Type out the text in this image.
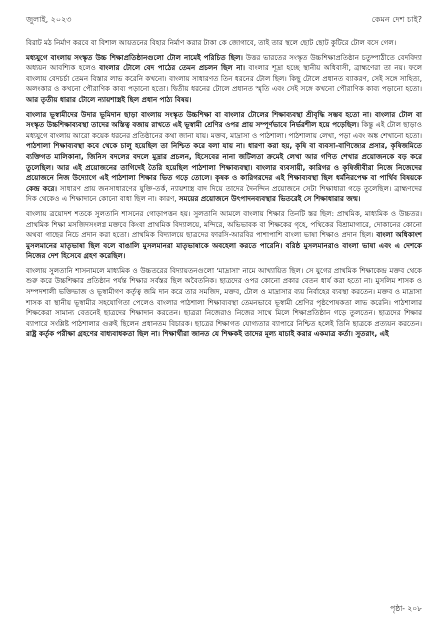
জুলাই, ২০২৩	কেমন দেশ চাই?

বিরাট মঠ নির্মাণ করবে বা বিশাল আয়তনের বিহার নির্মাণ করার টাকা কে জোগাবে, তাই তার স্থলে ছোট ছোট কুটিরে টোল বসে গেল।

মধ্যযুগে বাংলায় সংস্কৃত উচ্চ শিক্ষাপ্রতিষ্ঠানগুলো টোল নামেই পরিচিত ছিল। উত্তর ভারতের সংস্কৃত উচ্চশিক্ষাপ্রতিষ্ঠান চতুষ্পাঠীতে বেদবিদ্যা অধ্যয়ন আবশ্যিক হলেও বাংলার টোলে বেদ পাঠের তেমন প্রচলন ছিল না। বাংলার শূদ্রা হচ্ছে স্থানীয় অধিবাসী, ব্রাহ্মণেরা তা নয়। ফলে বাংলায় বেদচর্চা তেমন বিস্তার লাভ করেনি কখনো। বাংলায় সাধারণত তিন ধরনের টোল ছিল। কিছু টোলে প্রধানত ব্যাকরণ, সেই সঙ্গে সাহিত্য, অলংকার ও কখনো পৌরাণিক কাব্য পড়ানো হতো। দ্বিতীয় ধরনের টোলে প্রধানত স্মৃতি এবং সেই সঙ্গে কখনো পৌরাণিক কাব্য পড়ানো হতো। আর তৃতীয় ধারার টোলে ন্যায়শাস্ত্রই ছিল প্রধান পাঠ্য বিষয়।

বাংলার ভূস্বামীদের উদার ভূমিদান ছাড়া বাংলায় সংস্কৃত উচ্চশিক্ষা বা বাংলার টোলের শিক্ষাব্যবস্থা শ্রীবৃদ্ধি সম্ভব হতো না। বাংলার টোল বা সংস্কৃত উচ্চশিক্ষাব্যবস্থা তাদের অস্তিত্ব বজায় রাখতে এই ভূস্বামী শ্রেণির ওপর প্রায় সম্পূর্ণভাবে নির্ভরশীল হয়ে পড়েছিল। কিন্তু এই টোল ছাড়াও মধ্যযুগে বাংলায় আরো কয়েক ধরনের প্রতিষ্ঠানের কথা জানা যায়। মক্তব, মাদ্রাসা ও পাঠশালা। পাঠশালায় লেখা, পড়া এবং অঙ্ক শেখানো হতো। পাঠশালা শিক্ষাব্যবস্থা কবে থেকে চালু হয়েছিল তা নিশ্চিত করে বলা যায় না। ধারণা করা হয়, কৃষি বা ব্যবসা-বাণিজ্যের প্রসার, কৃষিজমিতে ব্যক্তিগত মালিকানা, জিনিস বদলের বদলে মুদ্রার প্রচলন, হিসেবের নানা জটিলতা ক্রমেই লেখা আর গণিত শেখার প্রয়োজনকে বড় করে তুলেছিল। আর এই প্রয়োজনের তাগিদেই তৈরি হয়েছিল পাঠশালা শিক্ষাব্যবস্থা। বাংলার ব্যবসায়ী, কারিগর ও কৃষিজীবীরা নিজে নিজেদের প্রয়োজনে নিজ উদ্যোগে এই পাঠশালা শিক্ষার ভিত গড়ে তোলে। কৃষক ও কারিগরদের এই শিক্ষাব্যবস্থা ছিল ধর্মনিরপেক্ষ বা পার্থিব বিষয়কে কেন্দ্র করে। সাধারণ প্রায় জনসাধারণের যুক্তি-তর্ক, ন্যায়শাস্ত্র বাদ দিয়ে তাদের দৈনন্দিন প্রয়োজনে সেটা শিক্ষাধারা গড়ে তুলেছিল। ব্রাহ্মণদের দিক থেকেও এ শিক্ষাদানে কোনো বাধা ছিল না। কারণ, সময়ের প্রয়োজনে উৎপাদনব্যবস্থার ভিতরেই সে শিক্ষাধারার জন্ম।

বাংলায় ত্রয়োদশ শতকে সুলতানি শাসনের গোড়াপত্তন হয়। সুলতানি আমলে বাংলায় শিক্ষার তিনটি স্তর ছিল: প্রাথমিক, মাধ্যমিক ও উচ্চতর। প্রাথমিক শিক্ষা মসজিদসংলগ্ন মক্তবে কিংবা প্রাথমিক বিদ্যালয়ে, মন্দিরে, অভিভাবক বা শিক্ষকের গৃহে, পথিকের বিশ্রামাগারে, দোকানের কোনো অথবা গাছের নিচে প্রদান করা হতো। প্রাথমিক বিদ্যালয়ে ছাত্রদের ফারসি-আরবির পাশাপাশি বাংলা ভাষা শিক্ষাও প্রদান ছিল। বাংলা অধিকাংশ মুসলমানের মাতৃভাষা ছিল বলে বাঙালি মুসলমানরা মাতৃভাষাকে অবহেলা করতে পারেনি। বরিষ্ঠ মুসলমানরাও বাংলা ভাষা এবং এ দেশকে নিজের দেশ হিসেবে গ্রহণ করেছিল।

বাংলায় সুলতানি শাসনামলে মাধ্যমিক ও উচ্চতরের বিদ্যায়তনগুলো 'মাদ্রাসা' নামে আখ্যায়িত ছিল। সে যুগের প্রাথমিক শিক্ষাকেন্দ্র মক্তব থেকে শুরু করে উচ্চশিক্ষার প্রতিষ্ঠান পর্যন্ত শিক্ষার সর্বস্তর ছিল অবৈতনিক। ছাত্রদের ওপর কোনো প্রকার বেতন ধার্য করা হতো না। মুসলিম শাসক ও সম্পদশালী ভক্তিভাজ ও ভূস্বামীগণ কর্তৃত্ব জমি দান করে তার সমজিদ, মক্তব, টোল ও মাদ্রাসার ব্যয় নির্বাহের ব্যবস্থা করতেন। মক্তব ও মাদ্রাসা শাসক বা স্থানীয় ভূস্বামীর সহযোগিতা পেলেও বাংলার পাঠশালা শিক্ষাব্যবস্থা তেমনভাবে ভূস্বামী শ্রেণির পৃষ্ঠপোষকতা লাভ করেনি। পাঠশালার শিক্ষকেরা সামান্য বেতনেই ছাত্রদের শিক্ষাদান করতেন। ছাত্ররা নিজেরাও নিজের সাথে মিলে শিক্ষাপ্রতিষ্ঠান গড়ে তুলতেন। ছাত্রদের শিক্ষার ব্যাপারে সংশ্লিষ্ট পাঠশালার গুরুই ছিলেন প্রধানতম বিচারক। ছাত্রের শিক্ষাগত যোগ্যতার ব্যাপারে নিশ্চিত হলেই তিনি ছাত্রকে প্রত্যয়ন করতেন। রাষ্ট্র কর্তৃক পরীক্ষা গ্রহণের বাধ্যবাধকতা ছিল না। শিক্ষার্থীরা জানত যে শিক্ষকই তাদের মূল্য যাচাই করার একমাত্র কর্তা। সুতরাং, এই

পৃষ্ঠা- ২০৮
